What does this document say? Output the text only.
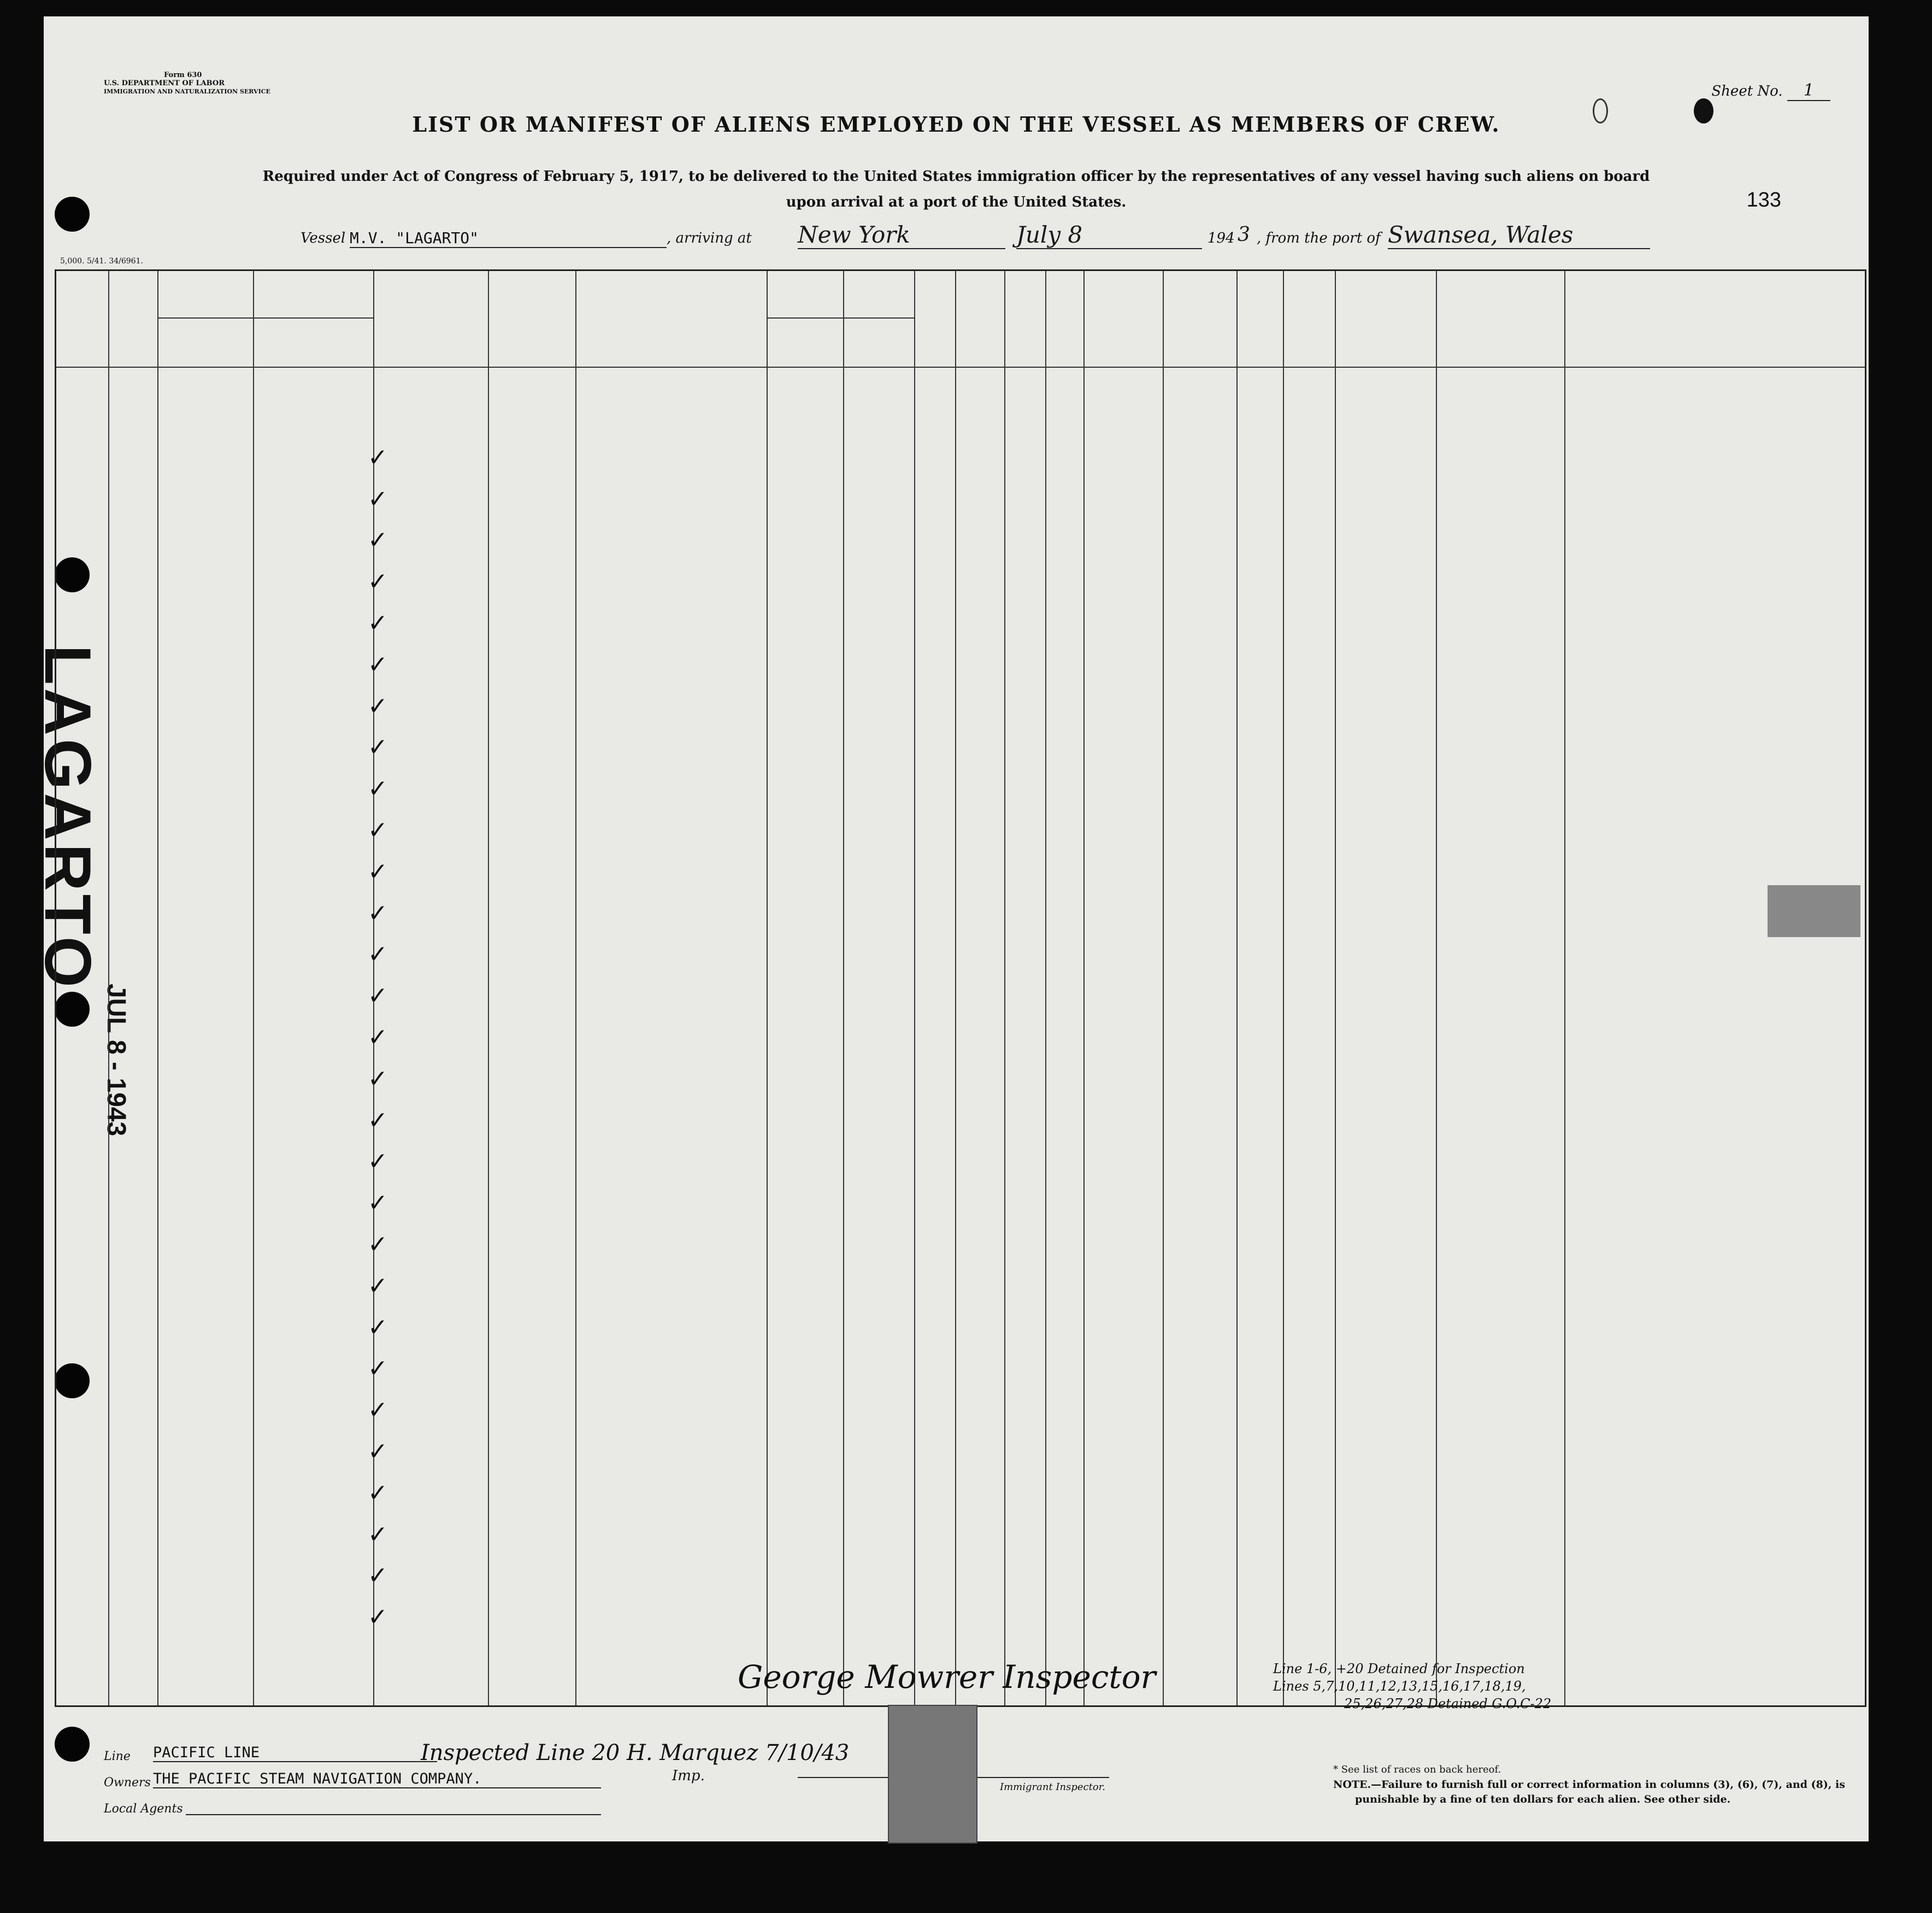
Form 630
U.S. DEPARTMENT OF LABOR
IMMIGRATION AND NATURALIZATION SERVICE	Sheet No. 1
LIST OR MANIFEST OF ALIENS EMPLOYED ON THE VESSEL AS MEMBERS OF CREW.
Required under Act of Congress of February 5, 1917, to be delivered to the United States immigration officer by the representatives of any vessel having such aliens on board
upon arrival at a port of the United States.	133
Vessel M.V. "LAGARTO"	, arriving at New York	July 8	194 3 , from the port of Swansea, Wales
5,000. 5/41. 34/6961.
LAGARTO
JUL 8 - 1943
✓
✓
✓
✓
✓
✓
✓
✓
✓
✓
✓
✓
✓
✓
✓
✓
✓
✓
✓
✓
✓
✓
✓
✓
✓
✓
✓
✓
✓
Line PACIFIC LINE
Owners THE PACIFIC STEAM NAVIGATION COMPANY.
Local Agents
Immigrant Inspector.
* See list of races on back hereof.
NOTE.—Failure to furnish full or correct information in columns (3), (6), (7), and (8), is
punishable by a fine of ten dollars for each alien. See other side.
Inspected Line 20 H. Marquez 7/10/43
Imp.
George Mowrer Inspector	Line 1-6, +20 Detained for Inspection
Lines 5,7,10,11,12,13,15,16,17,18,19,
25,26,27,28 Detained G.O.C-22
